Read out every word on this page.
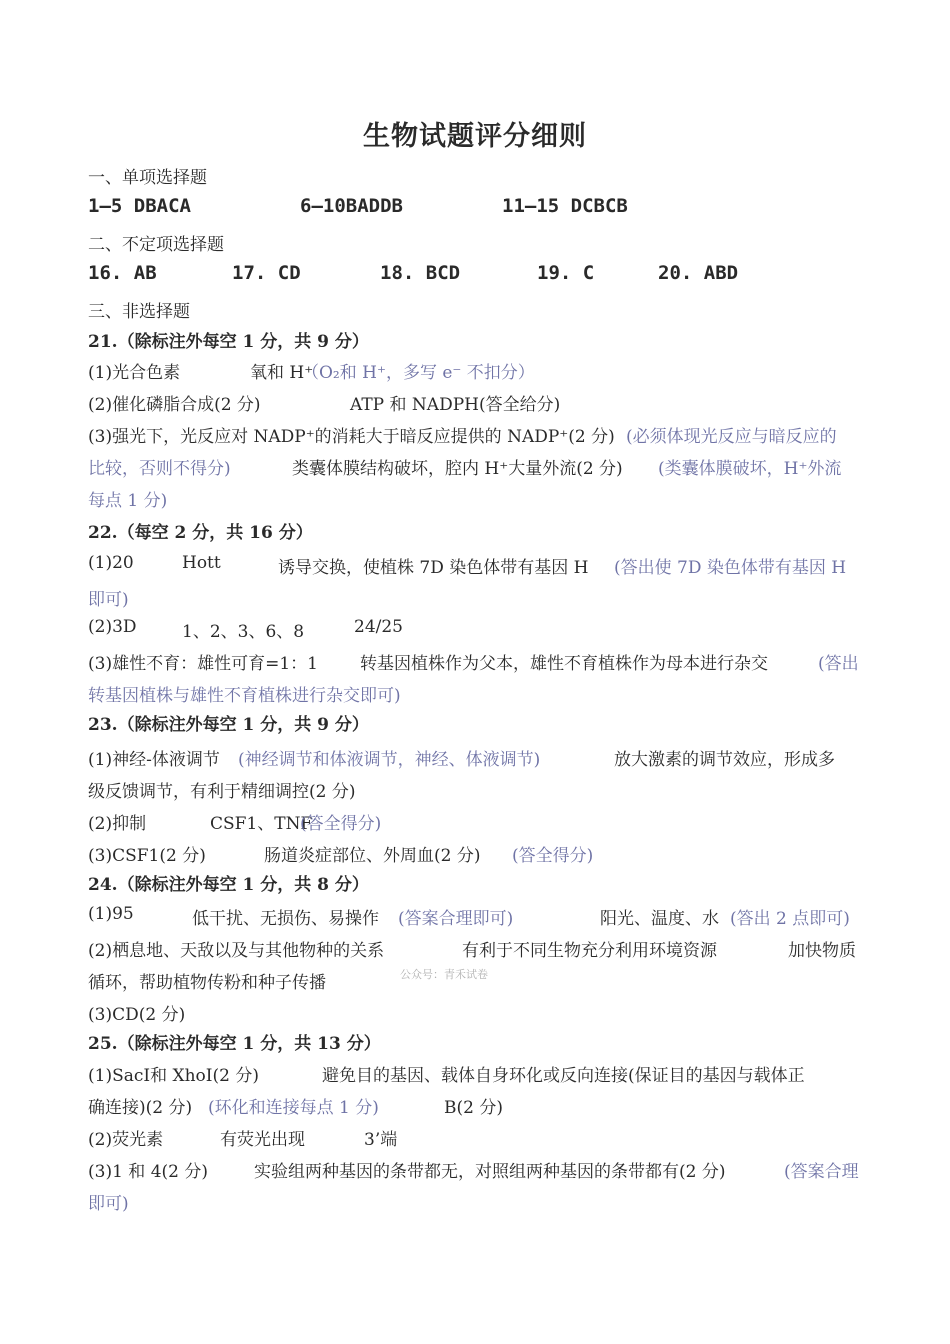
生物试题评分细则
一、单项选择题
1—5 DBACA	6—10BADDB	11—15 DCBCB
二、不定项选择题
16. AB	17. CD	18. BCD	19. C	20. ABD
三、非选择题
21.（除标注外每空 1 分，共 9 分）
(1)光合色素	氧和 H⁺
（O₂和 H⁺，多写 e⁻ 不扣分）
(2)催化磷脂合成(2 分)	ATP 和 NADPH(答全给分)
(3)强光下，光反应对 NADP⁺的消耗大于暗反应提供的 NADP⁺(2 分) (必须体现光反应与暗反应的
比较，否则不得分)	类囊体膜结构破坏，腔内 H⁺大量外流(2 分) (类囊体膜破坏，H⁺外流
每点 1 分)
22.（每空 2 分，共 16 分）
(1)20	Hott	诱导交换，使植株 7D 染色体带有基因 H (答出使 7D 染色体带有基因 H
即可)
(2)3D	1、2、3、6、8	24/25
(3)雄性不育：雄性可育=1：1 转基因植株作为父本，雄性不育植株作为母本进行杂交	(答出
转基因植株与雄性不育植株进行杂交即可)
23.（除标注外每空 1 分，共 9 分）
(1)神经-体液调节 (神经调节和体液调节，神经、体液调节)	放大激素的调节效应，形成多
级反馈调节，有利于精细调控(2 分)
(2)抑制	CSF1、TNF
(答全得分)
(3)CSF1(2 分)	肠道炎症部位、外周血(2 分) (答全得分)
24.（除标注外每空 1 分，共 8 分）
(1)95	低干扰、无损伤、易操作 (答案合理即可)	阳光、温度、水 (答出 2 点即可)
(2)栖息地、天敌以及与其他物种的关系	有利于不同生物充分利用环境资源	加快物质
循环，帮助植物传粉和种子传播	公众号：青禾试卷
(3)CD(2 分)
25.（除标注外每空 1 分，共 13 分）
(1)SacⅠ和 XhoⅠ(2 分)	避免目的基因、载体自身环化或反向连接(保证目的基因与载体正
确连接)(2 分) (环化和连接每点 1 分)	B(2 分)
(2)荧光素	有荧光出现	3’端
(3)1 和 4(2 分)	实验组两种基因的条带都无，对照组两种基因的条带都有(2 分)	(答案合理
即可)
